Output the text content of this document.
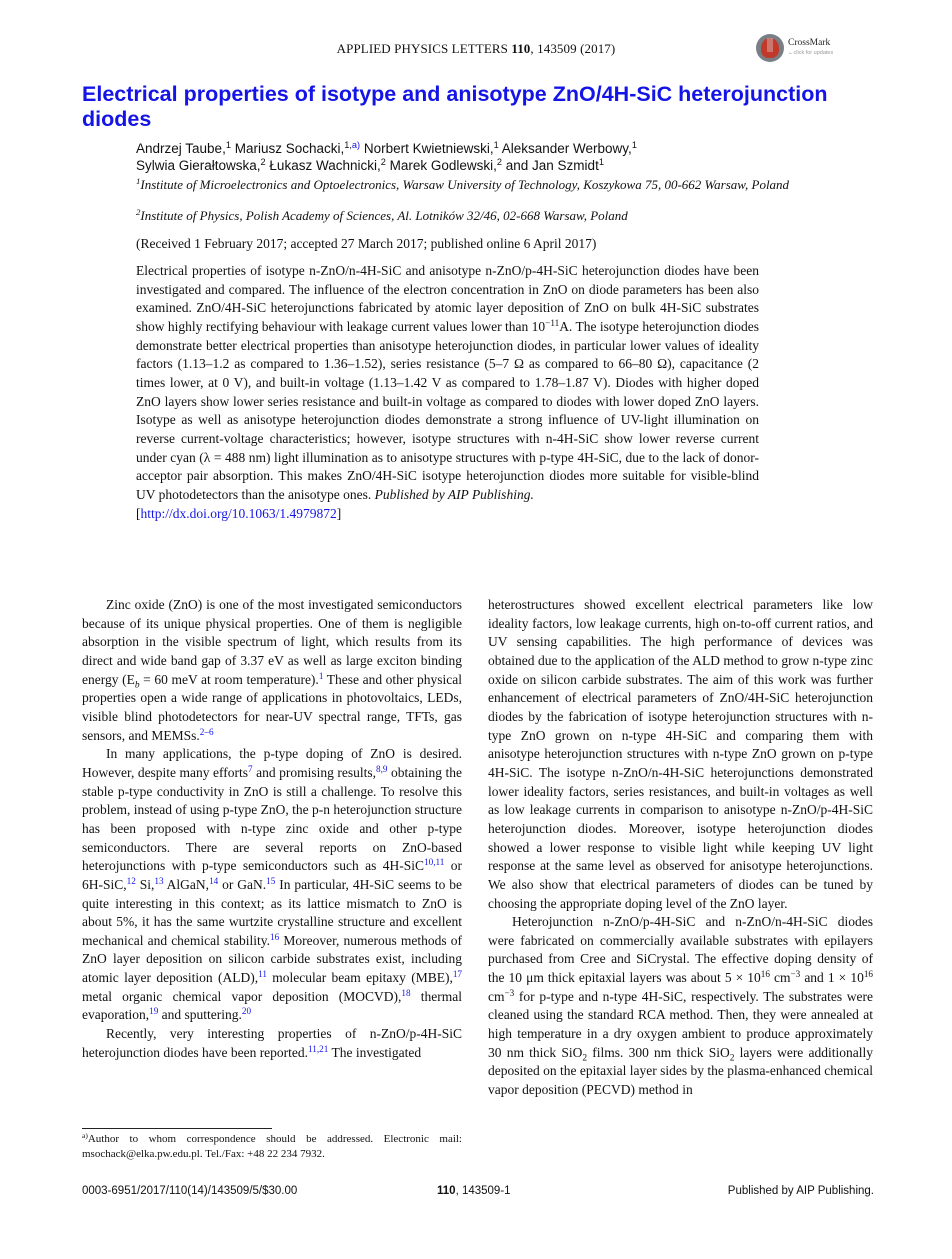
APPLIED PHYSICS LETTERS 110, 143509 (2017)	CrossMark
←click for updates
Electrical properties of isotype and anisotype ZnO/4H-SiC heterojunction diodes
Andrzej Taube,$^1$ Mariusz Sochacki,$^{1,a)}$ Norbert Kwietniewski,$^1$ Aleksander Werbowy,$^1$
Sylwia Gierałtowska,$^2$ Łukasz Wachnicki,$^2$ Marek Godlewski,$^2$ and Jan Szmidt$^1$
$^1$Institute of Microelectronics and Optoelectronics, Warsaw University of Technology, Koszykowa 75, 00-662 Warsaw, Poland
$^2$Institute of Physics, Polish Academy of Sciences, Al. Lotników 32/46, 02-668 Warsaw, Poland
(Received 1 February 2017; accepted 27 March 2017; published online 6 April 2017)
Electrical properties of isotype n-ZnO/n-4H-SiC and anisotype n-ZnO/p-4H-SiC heterojunction diodes have been investigated and compared. The influence of the electron concentration in ZnO on diode parameters has been also examined. ZnO/4H-SiC heterojunctions fabricated by atomic layer deposition of ZnO on bulk 4H-SiC substrates show highly rectifying behaviour with leakage current values lower than $10^{-11}A$. The isotype heterojunction diodes demonstrate better electrical properties than anisotype heterojunction diodes, in particular lower values of ideality factors (1.13–1.2 as compared to 1.36–1.52), series resistance (5–7 Ω as compared to 66–80 Ω), capacitance (2 times lower, at 0 V), and built-in voltage (1.13–1.42 V as compared to 1.78–1.87 V). Diodes with higher doped ZnO layers show lower series resistance and built-in voltage as compared to diodes with lower doped ZnO layers. Isotype as well as anisotype heterojunction diodes demonstrate a strong influence of UV-light illumination on reverse current-voltage characteristics; however, isotype structures with n-4H-SiC show lower reverse current under cyan (λ = 488 nm) light illumination as to anisotype structures with p-type 4H-SiC, due to the lack of donor-acceptor pair absorption. This makes ZnO/4H-SiC isotype heterojunction diodes more suitable for visible-blind UV photodetectors than the anisotype ones. Published by AIP Publishing.
[http://dx.doi.org/10.1063/1.4979872]

Zinc oxide (ZnO) is one of the most investigated semiconductors because of its unique physical properties. One of them is negligible absorption in the visible spectrum of light, which results from its direct and wide band gap of 3.37 eV as well as large exciton binding energy ($E_b = 60$ meV at room temperature).$^1$ These and other physical properties open a wide range of applications in photovoltaics, LEDs, visible blind photodetectors for near-UV spectral range, TFTs, gas sensors, and MEMSs.$^{2-6}$

In many applications, the p-type doping of ZnO is desired. However, despite many efforts$^7$ and promising results,$^{8,9}$ obtaining the stable p-type conductivity in ZnO is still a challenge. To resolve this problem, instead of using p-type ZnO, the p-n heterojunction structure has been proposed with n-type zinc oxide and other p-type semiconductors. There are several reports on ZnO-based heterojunctions with p-type semiconductors such as 4H-SiC$^{10,11}$ or 6H-SiC,$^{12}$ Si,$^{13}$ AlGaN,$^{14}$ or GaN.$^{15}$ In particular, 4H-SiC seems to be quite interesting in this context; as its lattice mismatch to ZnO is about 5%, it has the same wurtzite crystalline structure and excellent mechanical and chemical stability.$^{16}$ Moreover, numerous methods of ZnO layer deposition on silicon carbide substrates exist, including atomic layer deposition (ALD),$^{11}$ molecular beam epitaxy (MBE),$^{17}$ metal organic chemical vapor deposition (MOCVD),$^{18}$ thermal evaporation,$^{19}$ and sputtering.$^{20}$

Recently, very interesting properties of n-ZnO/p-4H-SiC heterojunction diodes have been reported.$^{11,21}$ The investigated

heterostructures showed excellent electrical parameters like low ideality factors, low leakage currents, high on-to-off current ratios, and UV sensing capabilities. The high performance of devices was obtained due to the application of the ALD method to grow n-type zinc oxide on silicon carbide substrates. The aim of this work was further enhancement of electrical parameters of ZnO/4H-SiC heterojunction diodes by the fabrication of isotype heterojunction structures with n-type ZnO grown on n-type 4H-SiC and comparing them with anisotype heterojunction structures with n-type ZnO grown on p-type 4H-SiC. The isotype n-ZnO/n-4H-SiC heterojunctions demonstrated lower ideality factors, series resistances, and built-in voltages as well as low leakage currents in comparison to anisotype n-ZnO/p-4H-SiC heterojunction diodes. Moreover, isotype heterojunction diodes showed a lower response to visible light while keeping UV light response at the same level as observed for anisotype heterojunctions. We also show that electrical parameters of diodes can be tuned by choosing the appropriate doping level of the ZnO layer.

Heterojunction n-ZnO/p-4H-SiC and n-ZnO/n-4H-SiC diodes were fabricated on commercially available substrates with epilayers purchased from Cree and SiCrystal. The effective doping density of the 10 μm thick epitaxial layers was about $5 \times 10^{16}$ $cm^{-3}$ and $1 \times 10^{16}$ $cm^{-3}$ for p-type and n-type 4H-SiC, respectively. The substrates were cleaned using the standard RCA method. Then, they were annealed at high temperature in a dry oxygen ambient to produce approximately 30 nm thick SiO$_2$ films. 300 nm thick SiO$_2$ layers were additionally deposited on the epitaxial layer sides by the plasma-enhanced chemical vapor deposition (PECVD) method in

$^{a)}$Author to whom correspondence should be addressed. Electronic mail: msochack@elka.pw.edu.pl. Tel./Fax: +48 22 234 7932.
0003-6951/2017/110(14)/143509/5/$30.00	110, 143509-1	Published by AIP Publishing.
